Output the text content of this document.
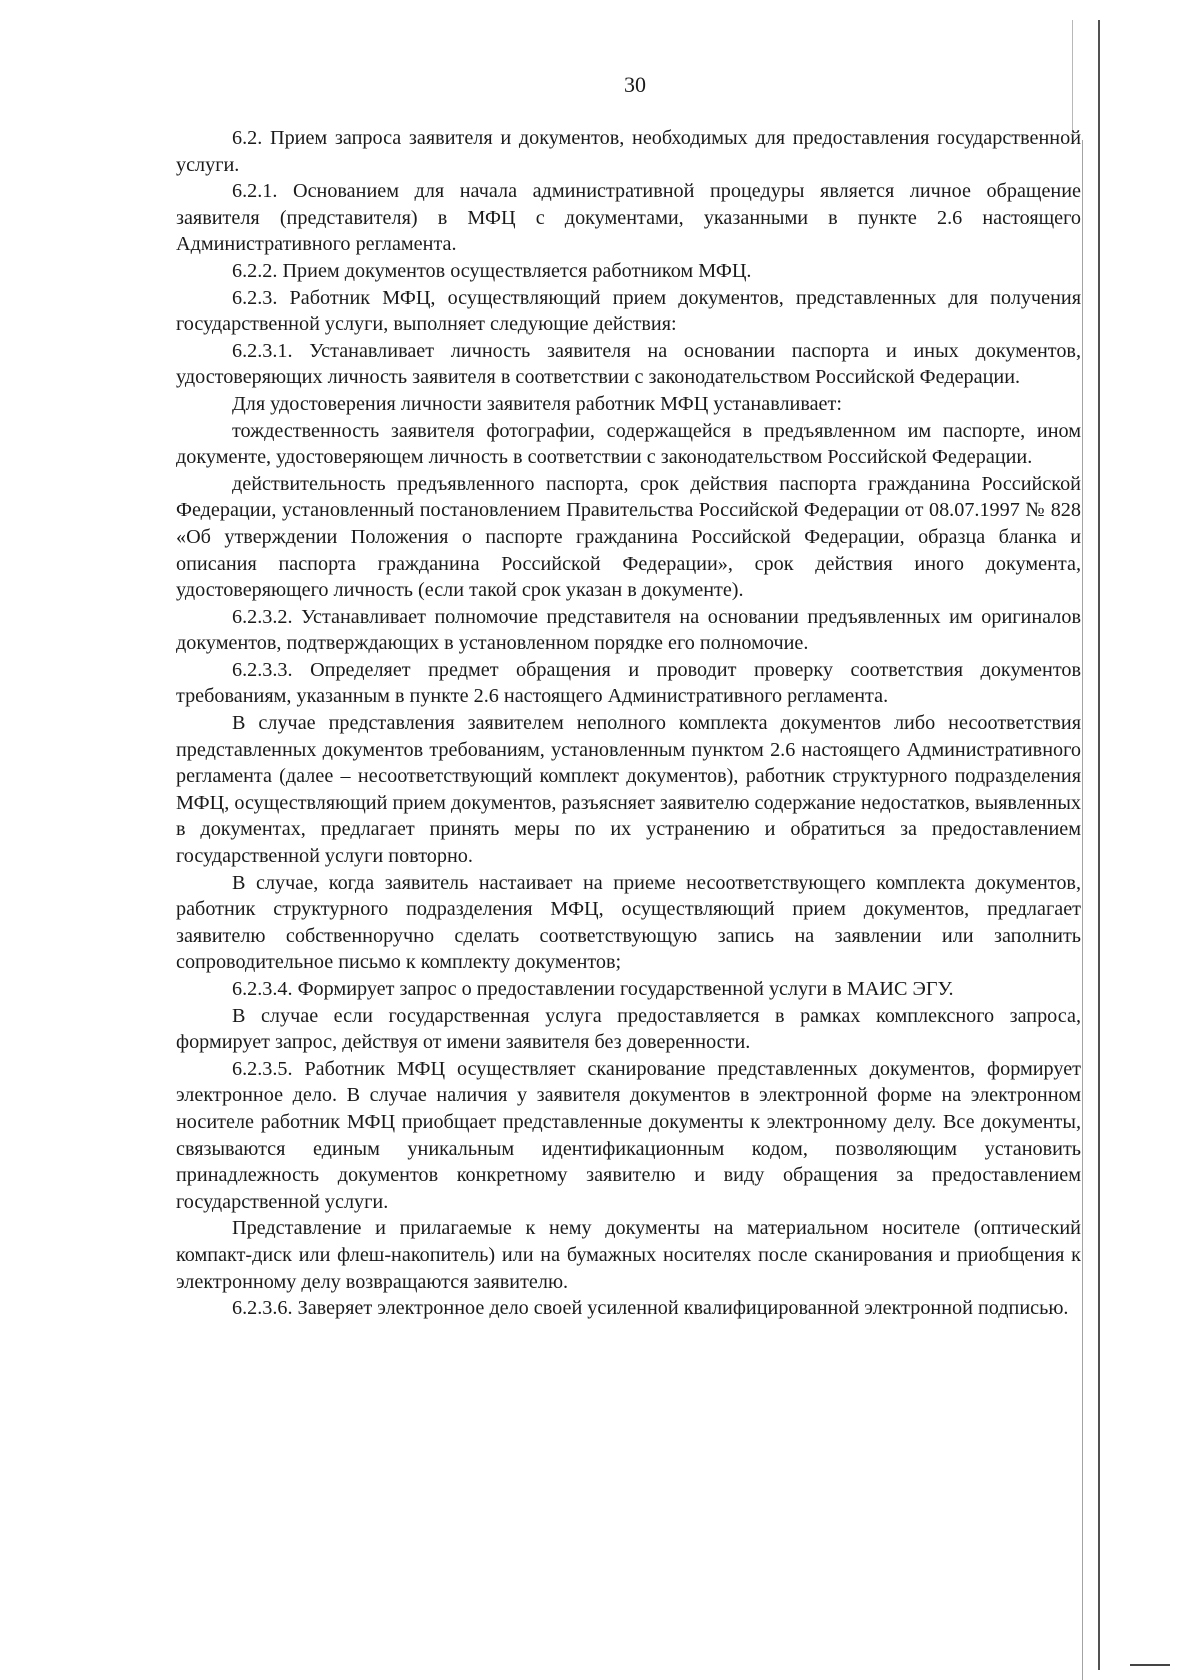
30

6.2. Прием запроса заявителя и документов, необходимых для предоставления государственной услуги.

6.2.1. Основанием для начала административной процедуры является личное обращение заявителя (представителя) в МФЦ с документами, указанными в пункте 2.6 настоящего Административного регламента.

6.2.2. Прием документов осуществляется работником МФЦ.

6.2.3. Работник МФЦ, осуществляющий прием документов, представленных для получения государственной услуги, выполняет следующие действия:

6.2.3.1. Устанавливает личность заявителя на основании паспорта и иных документов, удостоверяющих личность заявителя в соответствии с законодательством Российской Федерации.

Для удостоверения личности заявителя работник МФЦ устанавливает:

тождественность заявителя фотографии, содержащейся в предъявленном им паспорте, ином документе, удостоверяющем личность в соответствии с законодательством Российской Федерации.

действительность предъявленного паспорта, срок действия паспорта гражданина Российской Федерации, установленный постановлением Правительства Российской Федерации от 08.07.1997 № 828 «Об утверждении Положения о паспорте гражданина Российской Федерации, образца бланка и описания паспорта гражданина Российской Федерации», срок действия иного документа, удостоверяющего личность (если такой срок указан в документе).

6.2.3.2. Устанавливает полномочие представителя на основании предъявленных им оригиналов документов, подтверждающих в установленном порядке его полномочие.

6.2.3.3. Определяет предмет обращения и проводит проверку соответствия документов требованиям, указанным в пункте 2.6 настоящего Административного регламента.

В случае представления заявителем неполного комплекта документов либо несоответствия представленных документов требованиям, установленным пунктом 2.6 настоящего Административного регламента (далее – несоответствующий комплект документов), работник структурного подразделения МФЦ, осуществляющий прием документов, разъясняет заявителю содержание недостатков, выявленных в документах, предлагает принять меры по их устранению и обратиться за предоставлением государственной услуги повторно.

В случае, когда заявитель настаивает на приеме несоответствующего комплекта документов, работник структурного подразделения МФЦ, осуществляющий прием документов, предлагает заявителю собственноручно сделать соответствующую запись на заявлении или заполнить сопроводительное письмо к комплекту документов;

6.2.3.4. Формирует запрос о предоставлении государственной услуги в МАИС ЭГУ.

В случае если государственная услуга предоставляется в рамках комплексного запроса, формирует запрос, действуя от имени заявителя без доверенности.

6.2.3.5. Работник МФЦ осуществляет сканирование представленных документов, формирует электронное дело. В случае наличия у заявителя документов в электронной форме на электронном носителе работник МФЦ приобщает представленные документы к электронному делу. Все документы, связываются единым уникальным идентификационным кодом, позволяющим установить принадлежность документов конкретному заявителю и виду обращения за предоставлением государственной услуги.

Представление и прилагаемые к нему документы на материальном носителе (оптический компакт-диск или флеш-накопитель) или на бумажных носителях после сканирования и приобщения к электронному делу возвращаются заявителю.

6.2.3.6. Заверяет электронное дело своей усиленной квалифицированной электронной подписью.
